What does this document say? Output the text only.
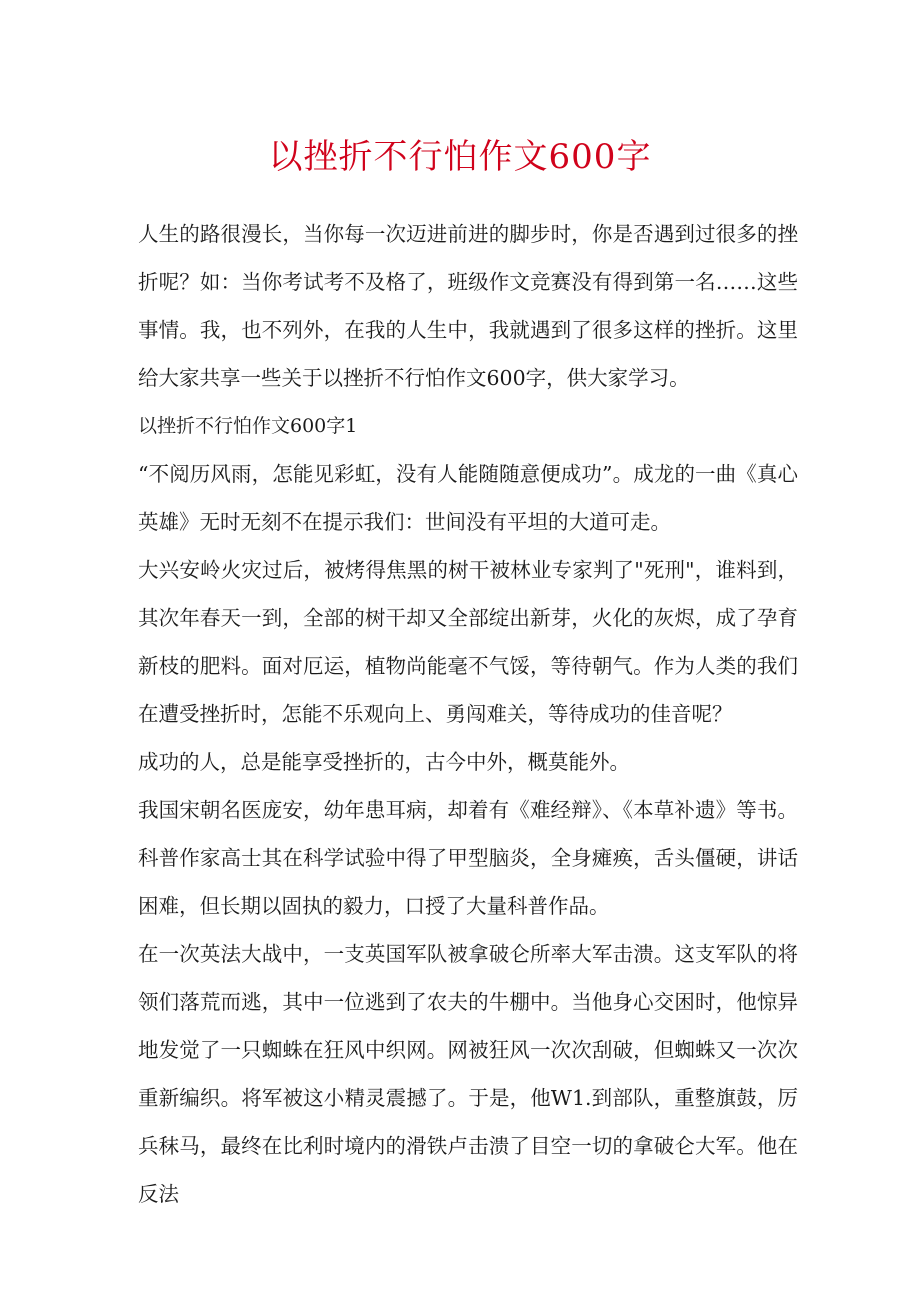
以挫折不行怕作文600字

人生的路很漫长，当你每一次迈进前进的脚步时，你是否遇到过很多的挫折呢？如：当你考试考不及格了，班级作文竞赛没有得到第一名……这些事情。我，也不列外，在我的人生中，我就遇到了很多这样的挫折。这里给大家共享一些关于以挫折不行怕作文600字，供大家学习。

以挫折不行怕作文600字1

“不阅历风雨，怎能见彩虹，没有人能随随意便成功”。成龙的一曲《真心英雄》无时无刻不在提示我们：世间没有平坦的大道可走。

大兴安岭火灾过后，被烤得焦黑的树干被林业专家判了"死刑"，谁料到，其次年春天一到，全部的树干却又全部绽出新芽，火化的灰烬，成了孕育新枝的肥料。面对厄运，植物尚能毫不气馁，等待朝气。作为人类的我们在遭受挫折时，怎能不乐观向上、勇闯难关，等待成功的佳音呢？

成功的人，总是能享受挫折的，古今中外，概莫能外。

我国宋朝名医庞安，幼年患耳病，却着有《难经辩》、《本草补遗》等书。科普作家高士其在科学试验中得了甲型脑炎，全身瘫痪，舌头僵硬，讲话困难，但长期以固执的毅力，口授了大量科普作品。

在一次英法大战中，一支英国军队被拿破仑所率大军击溃。这支军队的将领们落荒而逃，其中一位逃到了农夫的牛棚中。当他身心交困时，他惊异地发觉了一只蜘蛛在狂风中织网。网被狂风一次次刮破，但蜘蛛又一次次重新编织。将军被这小精灵震撼了。于是，他W1.到部队，重整旗鼓，厉兵秣马，最终在比利时境内的滑铁卢击溃了目空一切的拿破仑大军。他在反法
